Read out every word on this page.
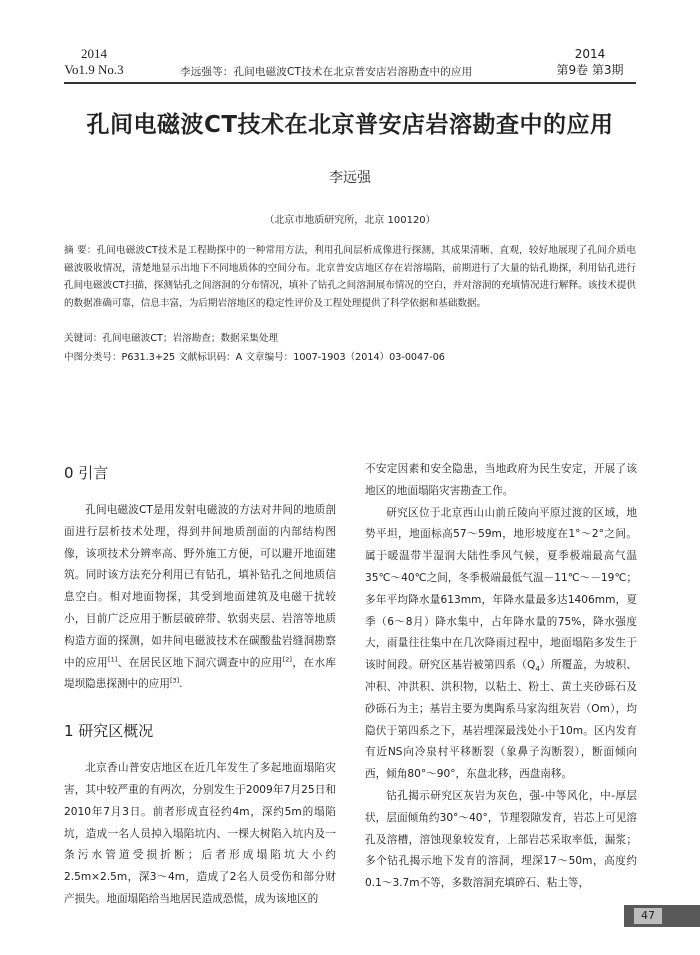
2014
Vo1.9 No.3	李远强等：孔间电磁波CT技术在北京普安店岩溶勘查中的应用
2014
第9卷 第3期
孔间电磁波CT技术在北京普安店岩溶勘查中的应用
李远强
（北京市地质研究所，北京 100120）
摘 要：孔间电磁波CT技术是工程勘探中的一种常用方法，利用孔间层析成像进行探测，其成果清晰、直观，较好地展现了孔间介质电磁波吸收情况，清楚地显示出地下不同地质体的空间分布。北京普安店地区存在岩溶塌陷，前期进行了大量的钻孔勘探，利用钻孔进行孔间电磁波CT扫描，探测钻孔之间溶洞的分布情况，填补了钻孔之间溶洞展布情况的空白，并对溶洞的充填情况进行解释。该技术提供的数据准确可靠，信息丰富，为后期岩溶地区的稳定性评价及工程处理提供了科学依据和基础数据。
关键词：孔间电磁波CT；岩溶勘查；数据采集处理
中图分类号：P631.3+25 文献标识码：A 文章编号：1007-1903（2014）03-0047-06
0 引言

孔间电磁波CT是用发射电磁波的方法对井间的地质剖面进行层析技术处理，得到井间地质剖面的内部结构图像，该项技术分辨率高、野外施工方便，可以避开地面建筑。同时该方法充分利用已有钻孔，填补钻孔之间地质信息空白。相对地面物探，其受到地面建筑及电磁干扰较小，目前广泛应用于断层破碎带、软弱夹层、岩溶等地质构造方面的探测，如井间电磁波技术在碳酸盐岩缝洞勘察中的应用[1]、在居民区地下洞穴调查中的应用[2]，在水库堤坝隐患探测中的应用[3].

1 研究区概况

北京香山普安店地区在近几年发生了多起地面塌陷灾害，其中较严重的有两次，分别发生于2009年7月25日和2010年7月3日。前者形成直径约4m，深约5m的塌陷坑，造成一名人员掉入塌陷坑内、一棵大树陷入坑内及一条污水管道受损折断；后者形成塌陷坑大小约2.5m×2.5m，深3～4m，造成了2名人员受伤和部分财产损失。地面塌陷给当地居民造成恐慌，成为该地区的

不安定因素和安全隐患，当地政府为民生安定，开展了该地区的地面塌陷灾害勘查工作。

研究区位于北京西山山前丘陵向平原过渡的区域，地势平坦，地面标高57～59m，地形坡度在1°～2°之间。属于暖温带半湿润大陆性季风气候，夏季极端最高气温35℃～40℃之间，冬季极端最低气温－11℃～－19℃；多年平均降水量613mm，年降水量最多达1406mm，夏季（6～8月）降水集中，占年降水量的75%，降水强度大，雨量往往集中在几次降雨过程中，地面塌陷多发生于该时间段。研究区基岩被第四系$(Q_4)$所覆盖，为坡积、冲积、冲洪积、洪积物，以粘土、粉土、黄土夹砂砾石及砂砾石为主；基岩主要为奥陶系马家沟组灰岩（Om），均隐伏于第四系之下，基岩埋深最浅处小于10m。区内发育有近NS向冷泉村平移断裂（象鼻子沟断裂），断面倾向西，倾角80°～90°，东盘北移，西盘南移。

钻孔揭示研究区灰岩为灰色，强-中等风化，中-厚层状，层面倾角约30°～40°，节理裂隙发育，岩芯上可见溶孔及溶槽，溶蚀现象较发育，上部岩芯采取率低，漏浆；多个钻孔揭示地下发育的溶洞，埋深17～50m，高度约0.1～3.7m不等，多数溶洞充填碎石、粘土等，

47
